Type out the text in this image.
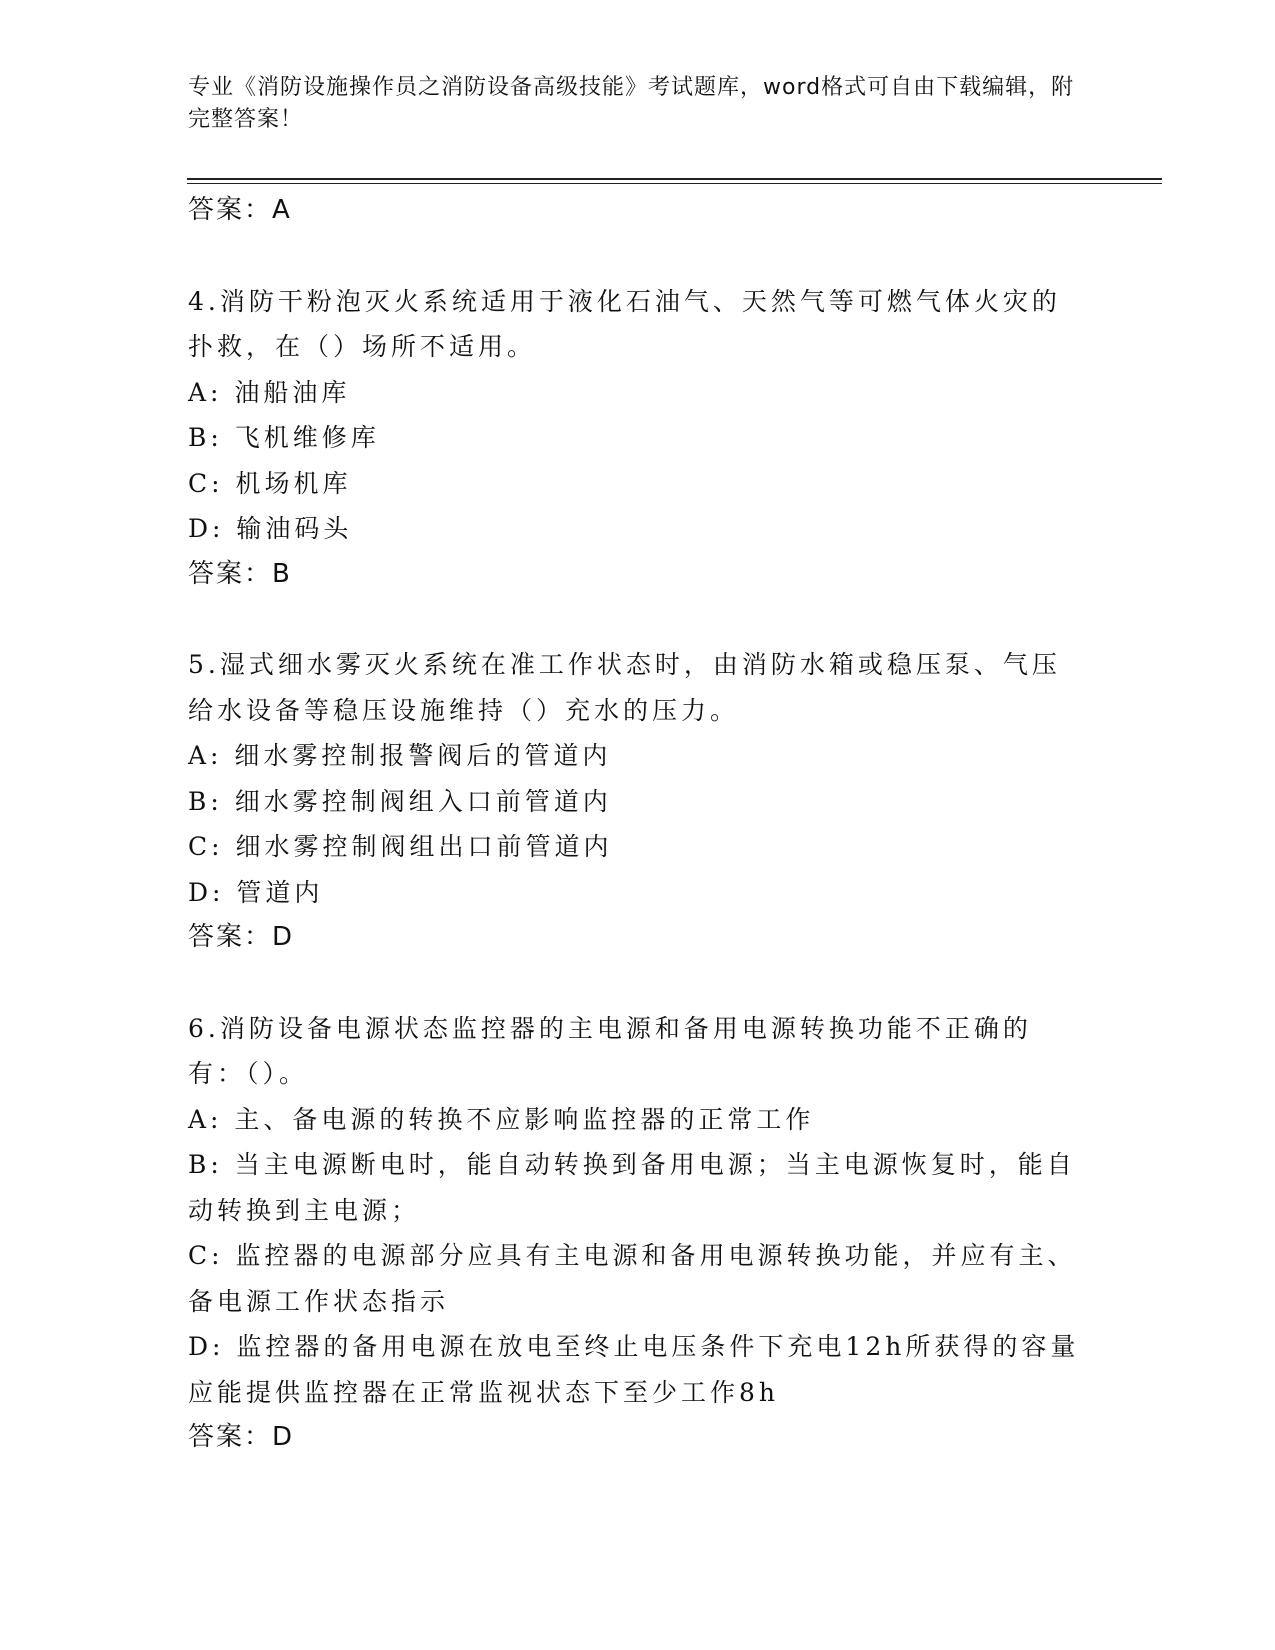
专业《消防设施操作员之消防设备高级技能》考试题库，word格式可自由下载编辑，附完整答案！
答案：A
4.消防干粉泡灭火系统适用于液化石油气、天然气等可燃气体火灾的扑救，在（）场所不适用。
A: 油船油库
B: 飞机维修库
C: 机场机库
D: 输油码头
答案：B
5.湿式细水雾灭火系统在准工作状态时，由消防水箱或稳压泵、气压给水设备等稳压设施维持（）充水的压力。
A: 细水雾控制报警阀后的管道内
B: 细水雾控制阀组入口前管道内
C: 细水雾控制阀组出口前管道内
D: 管道内
答案：D
6.消防设备电源状态监控器的主电源和备用电源转换功能不正确的有：（）。
A: 主、备电源的转换不应影响监控器的正常工作
B: 当主电源断电时，能自动转换到备用电源；当主电源恢复时，能自动转换到主电源；
C: 监控器的电源部分应具有主电源和备用电源转换功能，并应有主、备电源工作状态指示
D: 监控器的备用电源在放电至终止电压条件下充电12h所获得的容量应能提供监控器在正常监视状态下至少工作8h
答案：D
